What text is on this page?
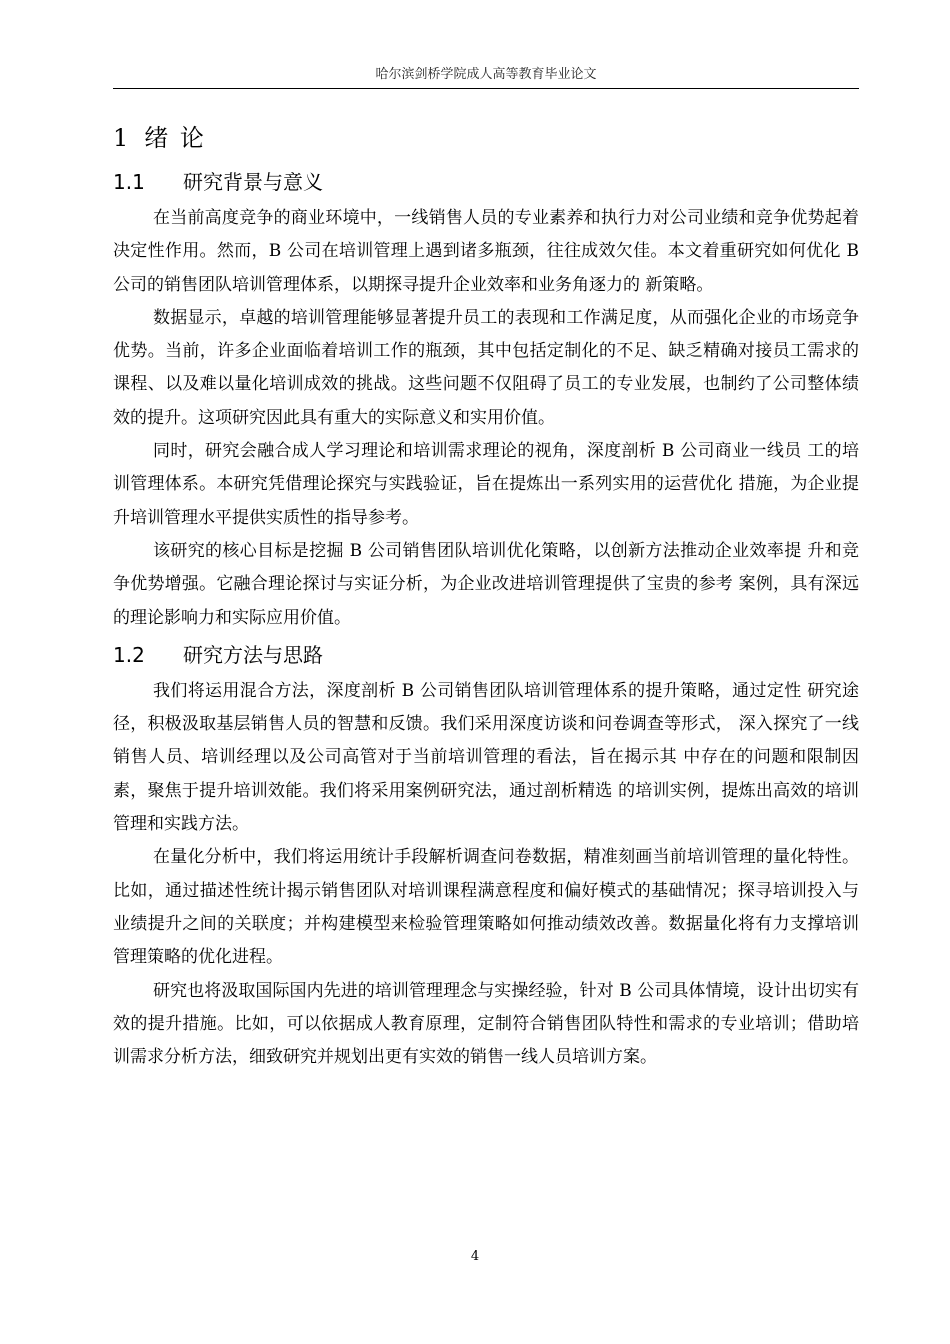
哈尔滨剑桥学院成人高等教育毕业论文
1 绪 论
1.1 研究背景与意义

在当前高度竞争的商业环境中，一线销售人员的专业素养和执行力对公司业绩和竞争优势起着决定性作用。然而，B 公司在培训管理上遇到诸多瓶颈，往往成效欠佳。本文着重研究如何优化 B 公司的销售团队培训管理体系，以期探寻提升企业效率和业务角逐力的 新策略。

数据显示，卓越的培训管理能够显著提升员工的表现和工作满足度，从而强化企业的市场竞争优势。当前，许多企业面临着培训工作的瓶颈，其中包括定制化的不足、缺乏精确对接员工需求的课程、以及难以量化培训成效的挑战。这些问题不仅阻碍了员工的专业发展，也制约了公司整体绩效的提升。这项研究因此具有重大的实际意义和实用价值。

同时，研究会融合成人学习理论和培训需求理论的视角，深度剖析 B 公司商业一线员 工的培训管理体系。本研究凭借理论探究与实践验证，旨在提炼出一系列实用的运营优化 措施，为企业提升培训管理水平提供实质性的指导参考。

该研究的核心目标是挖掘 B 公司销售团队培训优化策略，以创新方法推动企业效率提 升和竞争优势增强。它融合理论探讨与实证分析，为企业改进培训管理提供了宝贵的参考 案例，具有深远的理论影响力和实际应用价值。

1.2 研究方法与思路

我们将运用混合方法，深度剖析 B 公司销售团队培训管理体系的提升策略，通过定性 研究途径，积极汲取基层销售人员的智慧和反馈。我们采用深度访谈和问卷调查等形式， 深入探究了一线销售人员、培训经理以及公司高管对于当前培训管理的看法，旨在揭示其 中存在的问题和限制因素，聚焦于提升培训效能。我们将采用案例研究法，通过剖析精选 的培训实例，提炼出高效的培训管理和实践方法。

在量化分析中，我们将运用统计手段解析调查问卷数据，精准刻画当前培训管理的量化特性。比如，通过描述性统计揭示销售团队对培训课程满意程度和偏好模式的基础情况；探寻培训投入与业绩提升之间的关联度；并构建模型来检验管理策略如何推动绩效改善。数据量化将有力支撑培训管理策略的优化进程。

研究也将汲取国际国内先进的培训管理理念与实操经验，针对 B 公司具体情境，设计出切实有效的提升措施。比如，可以依据成人教育原理，定制符合销售团队特性和需求的专业培训；借助培训需求分析方法，细致研究并规划出更有实效的销售一线人员培训方案。

4
